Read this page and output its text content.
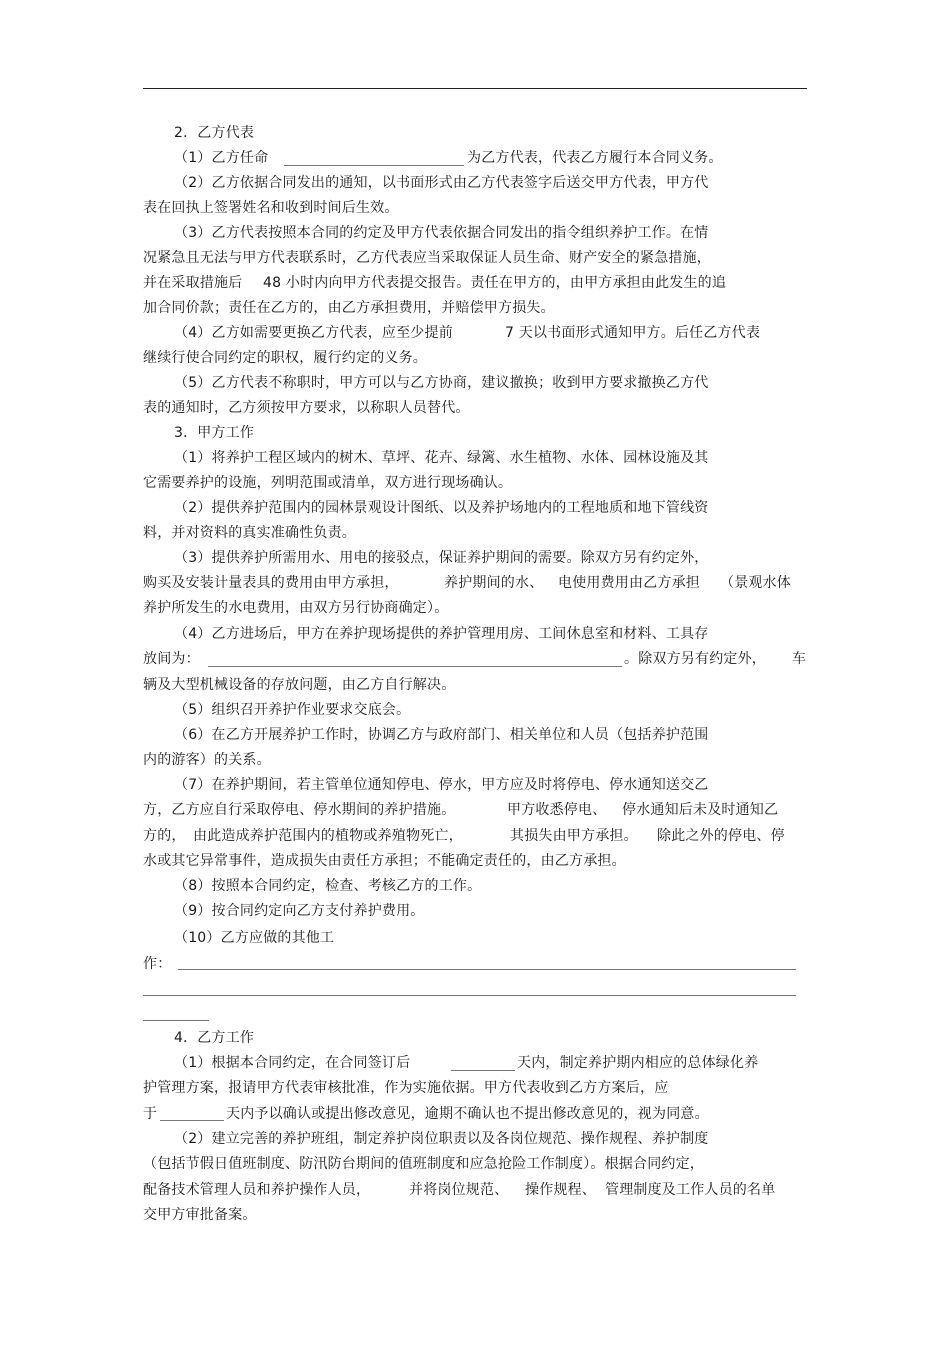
2．乙方代表
（1）乙方任命	为乙方代表，代表乙方履行本合同义务。
（2）乙方依据合同发出的通知，以书面形式由乙方代表签字后送交甲方代表，甲方代
表在回执上签署姓名和收到时间后生效。
（3）乙方代表按照本合同的约定及甲方代表依据合同发出的指令组织养护工作。在情
况紧急且无法与甲方代表联系时，乙方代表应当采取保证人员生命、财产安全的紧急措施，
并在采取措施后 48 小时内向甲方代表提交报告。责任在甲方的，由甲方承担由此发生的追
加合同价款；责任在乙方的，由乙方承担费用，并赔偿甲方损失。
（4）乙方如需要更换乙方代表，应至少提前	7 天以书面形式通知甲方。后任乙方代表
继续行使合同约定的职权，履行约定的义务。
（5）乙方代表不称职时，甲方可以与乙方协商，建议撤换；收到甲方要求撤换乙方代
表的通知时，乙方须按甲方要求，以称职人员替代。
3．甲方工作
（1）将养护工程区域内的树木、草坪、花卉、绿篱、水生植物、水体、园林设施及其
它需要养护的设施，列明范围或清单，双方进行现场确认。
（2）提供养护范围内的园林景观设计图纸、以及养护场地内的工程地质和地下管线资
料，并对资料的真实准确性负责。
（3）提供养护所需用水、用电的接驳点，保证养护期间的需要。除双方另有约定外，
购买及安装计量表具的费用由甲方承担，	养护期间的水、 电使用费用由乙方承担 （景观水体
养护所发生的水电费用，由双方另行协商确定）。
（4）乙方进场后，甲方在养护现场提供的养护管理用房、工间休息室和材料、工具存
放间为：	。除双方另有约定外， 车
辆及大型机械设备的存放问题，由乙方自行解决。
（5）组织召开养护作业要求交底会。
（6）在乙方开展养护工作时，协调乙方与政府部门、相关单位和人员（包括养护范围
内的游客）的关系。
（7）在养护期间，若主管单位通知停电、停水，甲方应及时将停电、停水通知送交乙
方，乙方应自行采取停电、停水期间的养护措施。	甲方收悉停电、 停水通知后未及时通知乙
方的， 由此造成养护范围内的植物或养殖物死亡，	其损失由甲方承担。 除此之外的停电、停
水或其它异常事件，造成损失由责任方承担；不能确定责任的，由乙方承担。
（8）按照本合同约定，检查、考核乙方的工作。
（9）按合同约定向乙方支付养护费用。
（10）乙方应做的其他工
作：
4．乙方工作
（1）根据本合同约定，在合同签订后	天内，制定养护期内相应的总体绿化养
护管理方案，报请甲方代表审核批准，作为实施依据。甲方代表收到乙方方案后，应
于	天内予以确认或提出修改意见，逾期不确认也不提出修改意见的，视为同意。
（2）建立完善的养护班组，制定养护岗位职责以及各岗位规范、操作规程、养护制度
（包括节假日值班制度、防汛防台期间的值班制度和应急抢险工作制度）。根据合同约定，
配备技术管理人员和养护操作人员，	并将岗位规范、 操作规程、 管理制度及工作人员的名单
交甲方审批备案。
